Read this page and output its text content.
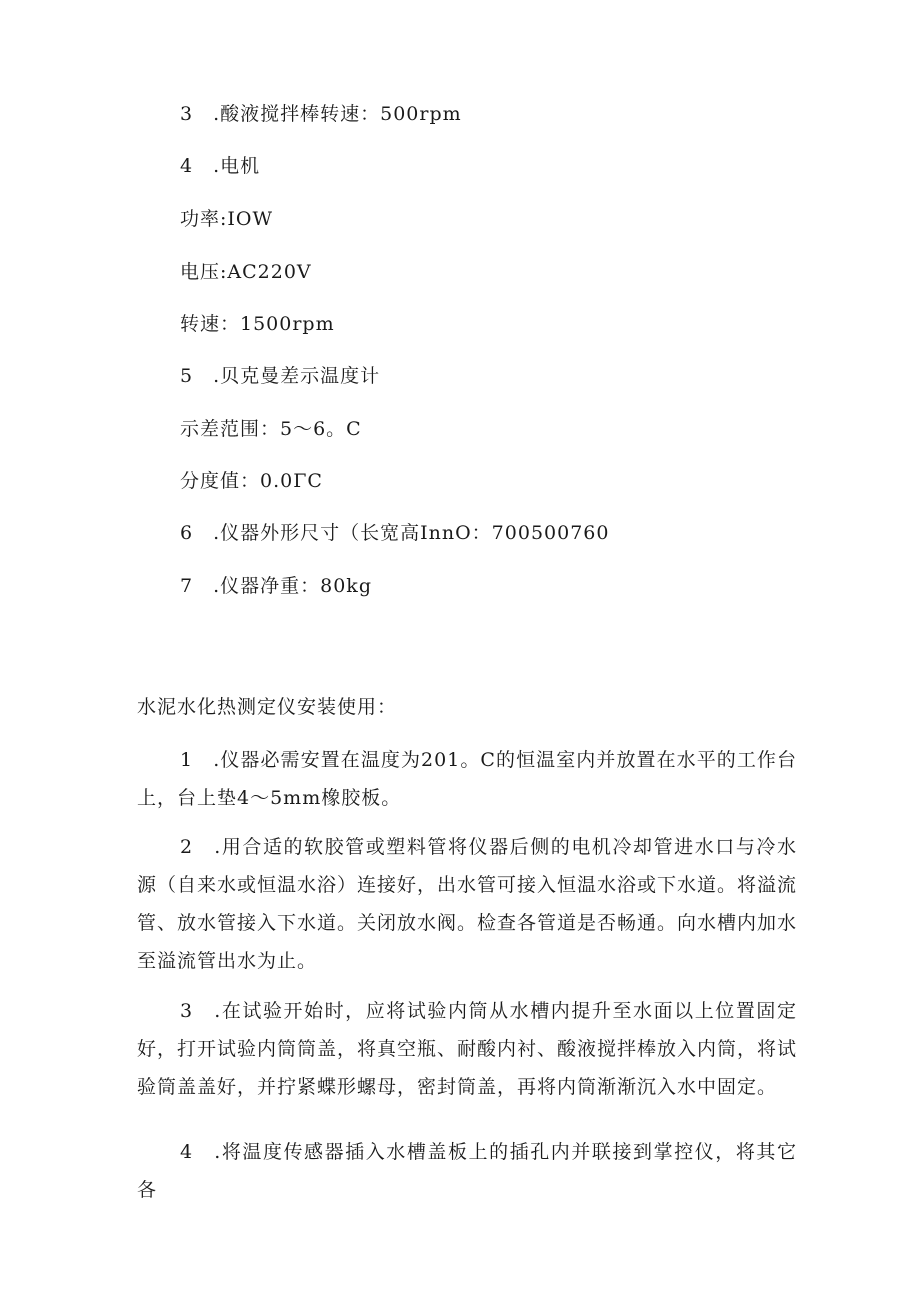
3　.酸液搅拌棒转速：500rpm
4　.电机
功率:IOW
电压:AC220V
转速：1500rpm
5　.贝克曼差示温度计
示差范围：5～6。C
分度值：0.0ΓC
6　.仪器外形尺寸（长宽高InnO：700500760
7　.仪器净重：80kg
水泥水化热测定仪安装使用：
1　.仪器必需安置在温度为201。C的恒温室内并放置在水平的工作台上，台上垫4～5mm橡胶板。
2　.用合适的软胶管或塑料管将仪器后侧的电机冷却管进水口与冷水源（自来水或恒温水浴）连接好，出水管可接入恒温水浴或下水道。将溢流管、放水管接入下水道。关闭放水阀。检查各管道是否畅通。向水槽内加水至溢流管出水为止。
3　.在试验开始时，应将试验内筒从水槽内提升至水面以上位置固定好，打开试验内筒筒盖，将真空瓶、耐酸内衬、酸液搅拌棒放入内筒，将试验筒盖盖好，并拧紧蝶形螺母，密封筒盖，再将内筒渐渐沉入水中固定。
4　.将温度传感器插入水槽盖板上的插孔内并联接到掌控仪，将其它各
